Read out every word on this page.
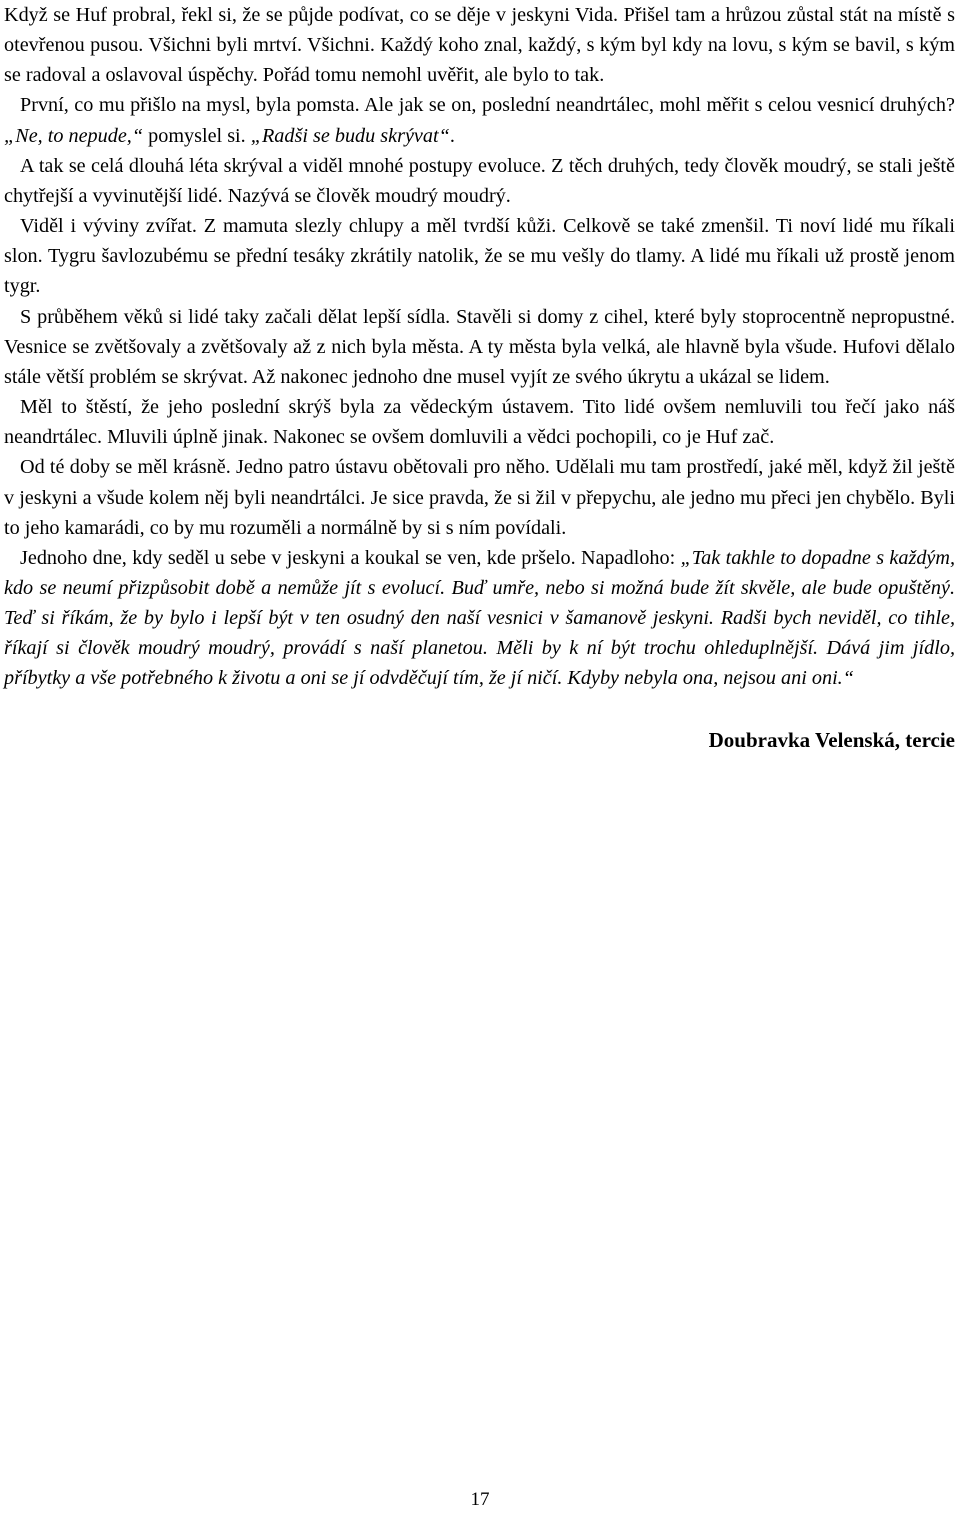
Když se Huf probral, řekl si, že se půjde podívat, co se děje v jeskyni Vida. Přišel tam a hrůzou zůstal stát na místě s otevřenou pusou. Všichni byli mrtví. Všichni. Každý koho znal, každý, s kým byl kdy na lovu, s kým se bavil, s kým se radoval a oslavoval úspěchy. Pořád tomu nemohl uvěřit, ale bylo to tak.

První, co mu přišlo na mysl, byla pomsta. Ale jak se on, poslední neandrtálec, mohl měřit s celou vesnicí druhých? „Ne, to nepude,“ pomyslel si. „Radši se budu skrývat“.

A tak se celá dlouhá léta skrýval a viděl mnohé postupy evoluce. Z těch druhých, tedy člověk moudrý, se stali ještě chytřejší a vyvinutější lidé. Nazývá se člověk moudrý moudrý.

Viděl i výviny zvířat. Z mamuta slezly chlupy a měl tvrdší kůži. Celkově se také zmenšil. Ti noví lidé mu říkali slon. Tygru šavlozubému se přední tesáky zkrátily natolik, že se mu vešly do tlamy. A lidé mu říkali už prostě jenom tygr.

S průběhem věků si lidé taky začali dělat lepší sídla. Stavěli si domy z cihel, které byly stoprocentně nepropustné. Vesnice se zvětšovaly a zvětšovaly až z nich byla města. A ty města byla velká, ale hlavně byla všude. Hufovi dělalo stále větší problém se skrývat. Až nakonec jednoho dne musel vyjít ze svého úkrytu a ukázal se lidem.

Měl to štěstí, že jeho poslední skrýš byla za vědeckým ústavem. Tito lidé ovšem nemluvili tou řečí jako náš neandrtálec. Mluvili úplně jinak. Nakonec se ovšem domluvili a vědci pochopili, co je Huf zač.

Od té doby se měl krásně. Jedno patro ústavu obětovali pro něho. Udělali mu tam prostředí, jaké měl, když žil ještě v jeskyni a všude kolem něj byli neandrtálci. Je sice pravda, že si žil v přepychu, ale jedno mu přeci jen chybělo. Byli to jeho kamarádi, co by mu rozuměli a normálně by si s ním povídali.

Jednoho dne, kdy seděl u sebe v jeskyni a koukal se ven, kde pršelo. Napadloho: „Tak takhle to dopadne s každým, kdo se neumí přizpůsobit době a nemůže jít s evolucí. Buď umře, nebo si možná bude žít skvěle, ale bude opuštěný. Teď si říkám, že by bylo i lepší být v ten osudný den naší vesnici v šamanově jeskyni. Radši bych neviděl, co tihle, říkají si člověk moudrý moudrý, provádí s naší planetou. Měli by k ní být trochu ohleduplnější. Dává jim jídlo, příbytky a vše potřebného k životu a oni se jí odvděčují tím, že jí ničí. Kdyby nebyla ona, nejsou ani oni.“

Doubravka Velenská, tercie
17
